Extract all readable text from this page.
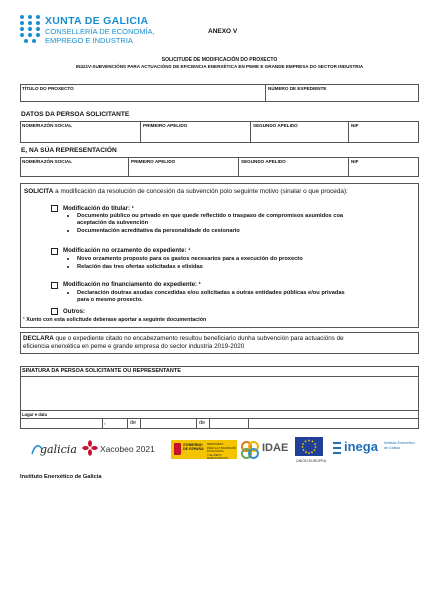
XUNTA DE GALICIA
CONSELLERÍA DE ECONOMÍA,
EMPREGO E INDUSTRIA
ANEXO V
SOLICITUDE DE MODIFICACIÓN DO PROXECTO
IN421V-SUBVENCIÓNS PARA ACTUACIÓNS DE EFICIENCIA ENERXÉTICA EN PEME E GRANDE EMPRESA DO SECTOR INDUSTRIA
TÍTULO DO PROXECTO	NÚMERO DE EXPEDIENTE
DATOS DA PERSOA SOLICITANTE
NOME/RAZÓN SOCIAL	PRIMEIRO APELIDO	SEGUNDO APELIDO	NIF
E, NA SÚA REPRESENTACIÓN
NOME/RAZÓN SOCIAL	PRIMEIRO APELIDO	SEGUNDO APELIDO	NIF
SOLICITA a modificación da resolución de concesión da subvención polo seguinte motivo (sinalar o que proceda):
Modificación do titular: ¹
Documento público ou privado en que quede reflectido o traspaso de compromisos asumidos coa
aceptación da subvención
Documentación acreditativa da personalidade do cesionario
Modificación no orzamento do expediente: ¹
Novo orzamento proposto para os gastos necesarios para a execución do proxecto
Relación das tres ofertas solicitadas e elixidas
Modificación no financiamento do expediente: ¹
Declaración doutras axudas concedidas e/ou solicitadas a outras entidades públicas e/ou privadas
para o mesmo proxecto.
Outros:
¹ Xunto con esta solicitude deberase aportar a seguinte documentación
DECLARA que o expediente citado no encabezamento resultou beneficiario dunha subvención para actuacións de
eficiencia enerxética en peme e grande empresa do sector industria 2019-2020
SINATURA DA PERSOA SOLICITANTE OU REPRESENTANTE
Lugar e data
,	de	de
galicia	Xacobeo 2021	GOBIERNO
DE ESPAÑA
MINISTERIO
PARA LA TRANSICIÓN ECOLÓGICA
Y EL RETO DEMOGRÁFICO
IDAE
UNIÓN EUROPEA
inega Instituto Enerxético
de Galicia
Instituto Enerxético de Galicia
